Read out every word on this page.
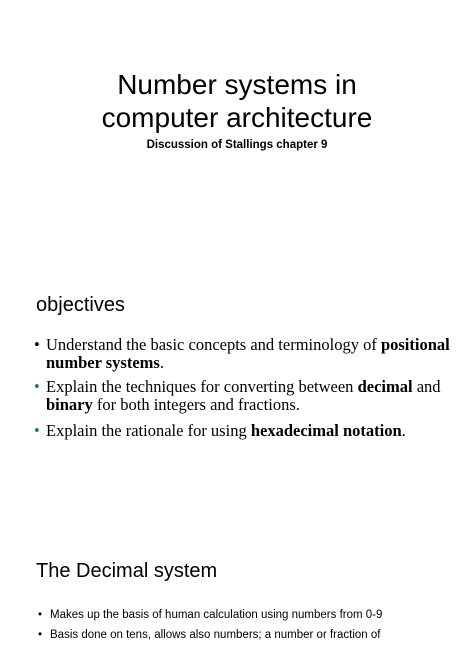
Number systems in
computer architecture

Discussion of Stallings chapter 9

objectives
• Understand the basic concepts and terminology of positional number systems.
• Explain the techniques for converting between decimal and binary for both integers and fractions.
• Explain the rationale for using hexadecimal notation.
The Decimal system
• Makes up the basis of human calculation using numbers from 0-9
• Basis done on tens, allows also numbers; a number or fraction of
